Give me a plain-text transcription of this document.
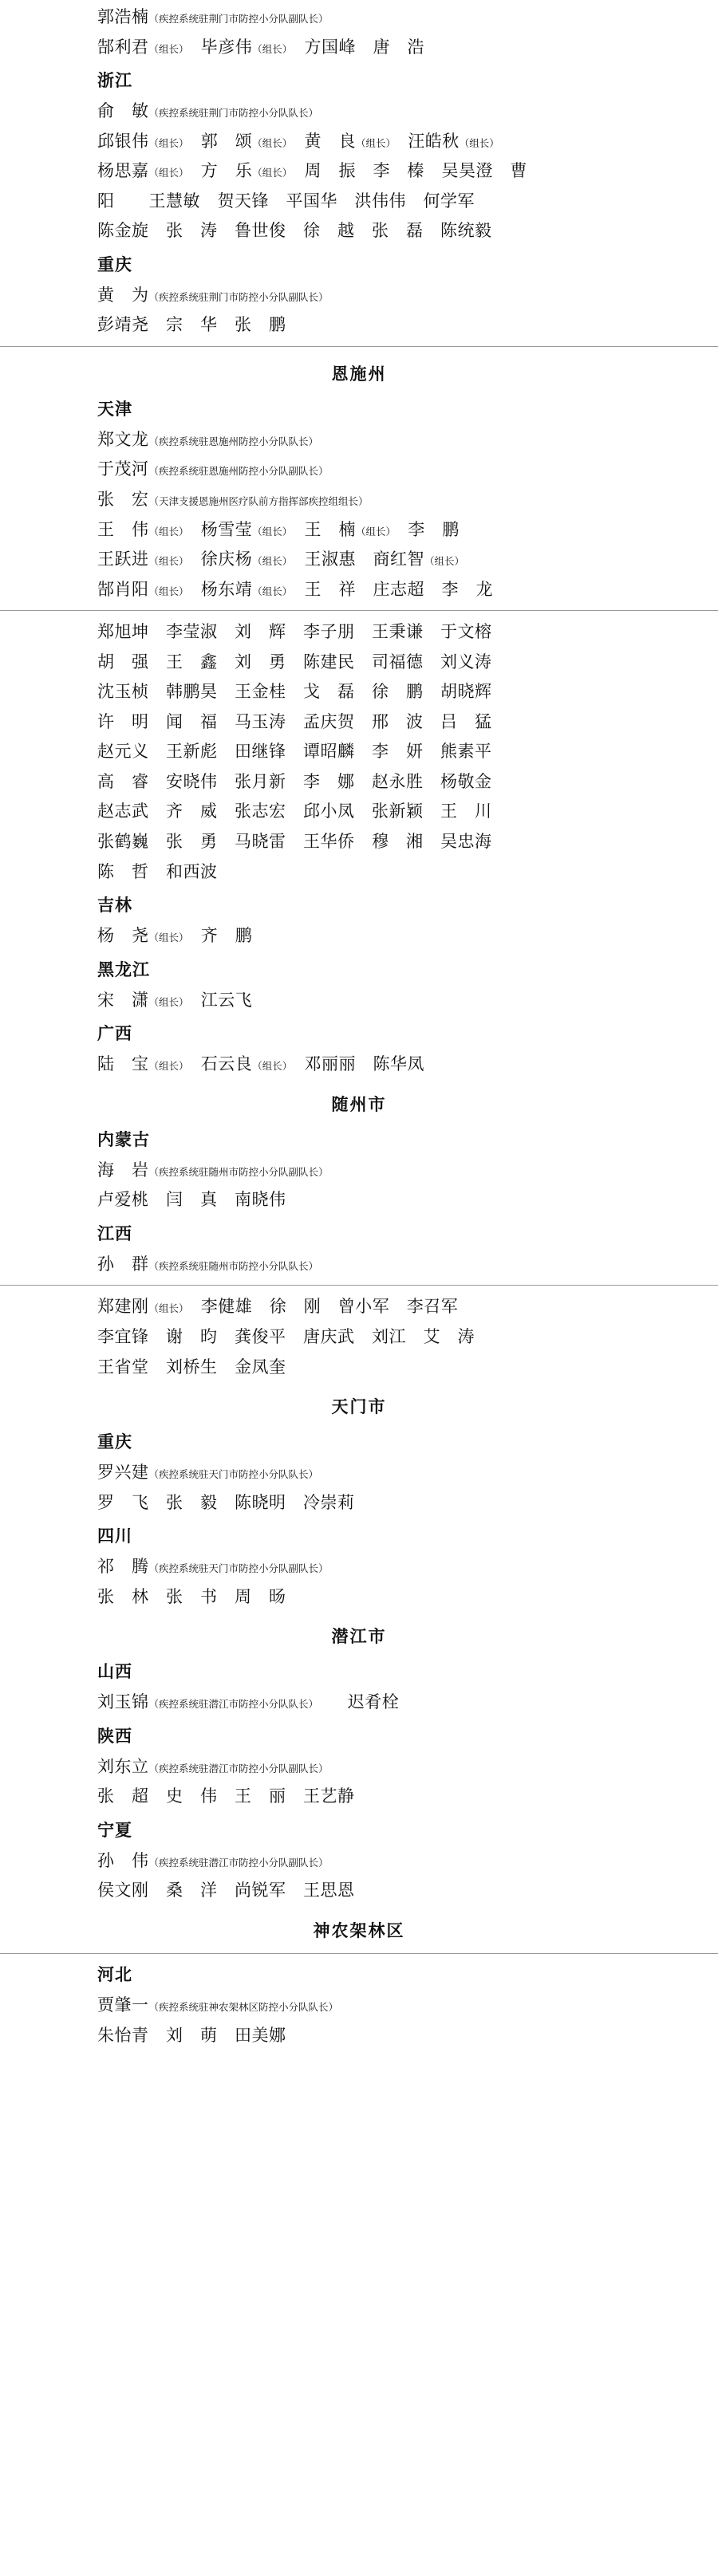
郭浩楠（疾控系统驻荆门市防控小分队副队长）
郜利君（组长）　毕彦伟（组长）　方国峰　唐　浩
浙江
俞　敏（疾控系统驻荆门市防控小分队队长）
邱银伟（组长）　郭　颂（组长）　黄　良（组长）　汪皓秋（组长）
杨思嘉（组长）　方　乐（组长）　周　振　李　榛　吴昊澄　曹
阳　　王慧敏　贺天锋　平国华　洪伟伟　何学军
陈金旋　张　涛　鲁世俊　徐　越　张　磊　陈统毅
重庆
黄　为（疾控系统驻荆门市防控小分队副队长）
彭靖尧　宗　华　张　鹏
恩施州
天津
郑文龙（疾控系统驻恩施州防控小分队队长）
于茂河（疾控系统驻恩施州防控小分队副队长）
张　宏（天津支援恩施州医疗队前方指挥部疾控组组长）
王　伟（组长）　杨雪莹（组长）　王　楠（组长）　李　鹏
王跃进（组长）　徐庆杨（组长）　王淑惠　商红智（组长）
郜肖阳（组长）　杨东靖（组长）　王　祥　庄志超　李　龙
郑旭坤　李莹淑　刘　辉　李子朋　王秉谦　于文榕
胡　强　王　鑫　刘　勇　陈建民　司福德　刘义涛
沈玉桢　韩鹏昊　王金桂　戈　磊　徐　鹏　胡晓辉
许　明　闻　福　马玉涛　孟庆贺　邢　波　吕　猛
赵元义　王新彪　田继锋　谭昭麟　李　妍　熊素平
高　睿　安晓伟　张月新　李　娜　赵永胜　杨敬金
赵志武　齐　威　张志宏　邱小凤　张新颖　王　川
张鹤巍　张　勇　马晓雷　王华侨　穆　湘　吴忠海
陈　哲　和西波
吉林
杨　尧（组长）　齐　鹏
黑龙江
宋　潇（组长）　江云飞
广西
陆　宝（组长）　石云良（组长）　邓丽丽　陈华凤
随州市
内蒙古
海　岩（疾控系统驻随州市防控小分队副队长）
卢爱桃　闫　真　南晓伟
江西
孙　群（疾控系统驻随州市防控小分队队长）
郑建刚（组长）　李健雄　徐　刚　曾小军　李召军
李宜锋　谢　昀　龚俊平　唐庆武　刘江　艾　涛
王省堂　刘桥生　金凤奎
天门市
重庆
罗兴建（疾控系统驻天门市防控小分队队长）
罗　飞　张　毅　陈晓明　冷崇莉
四川
祁　腾（疾控系统驻天门市防控小分队副队长）
张　林　张　书　周　旸
潜江市
山西
刘玉锦（疾控系统驻潜江市防控小分队队长）　　迟肴栓
陕西
刘东立（疾控系统驻潜江市防控小分队副队长）
张　超　史　伟　王　丽　王艺静
宁夏
孙　伟（疾控系统驻潜江市防控小分队副队长）
侯文刚　桑　洋　尚锐军　王思恩
神农架林区
河北
贾肇一（疾控系统驻神农架林区防控小分队队长）
朱怡青　刘　萌　田美娜
